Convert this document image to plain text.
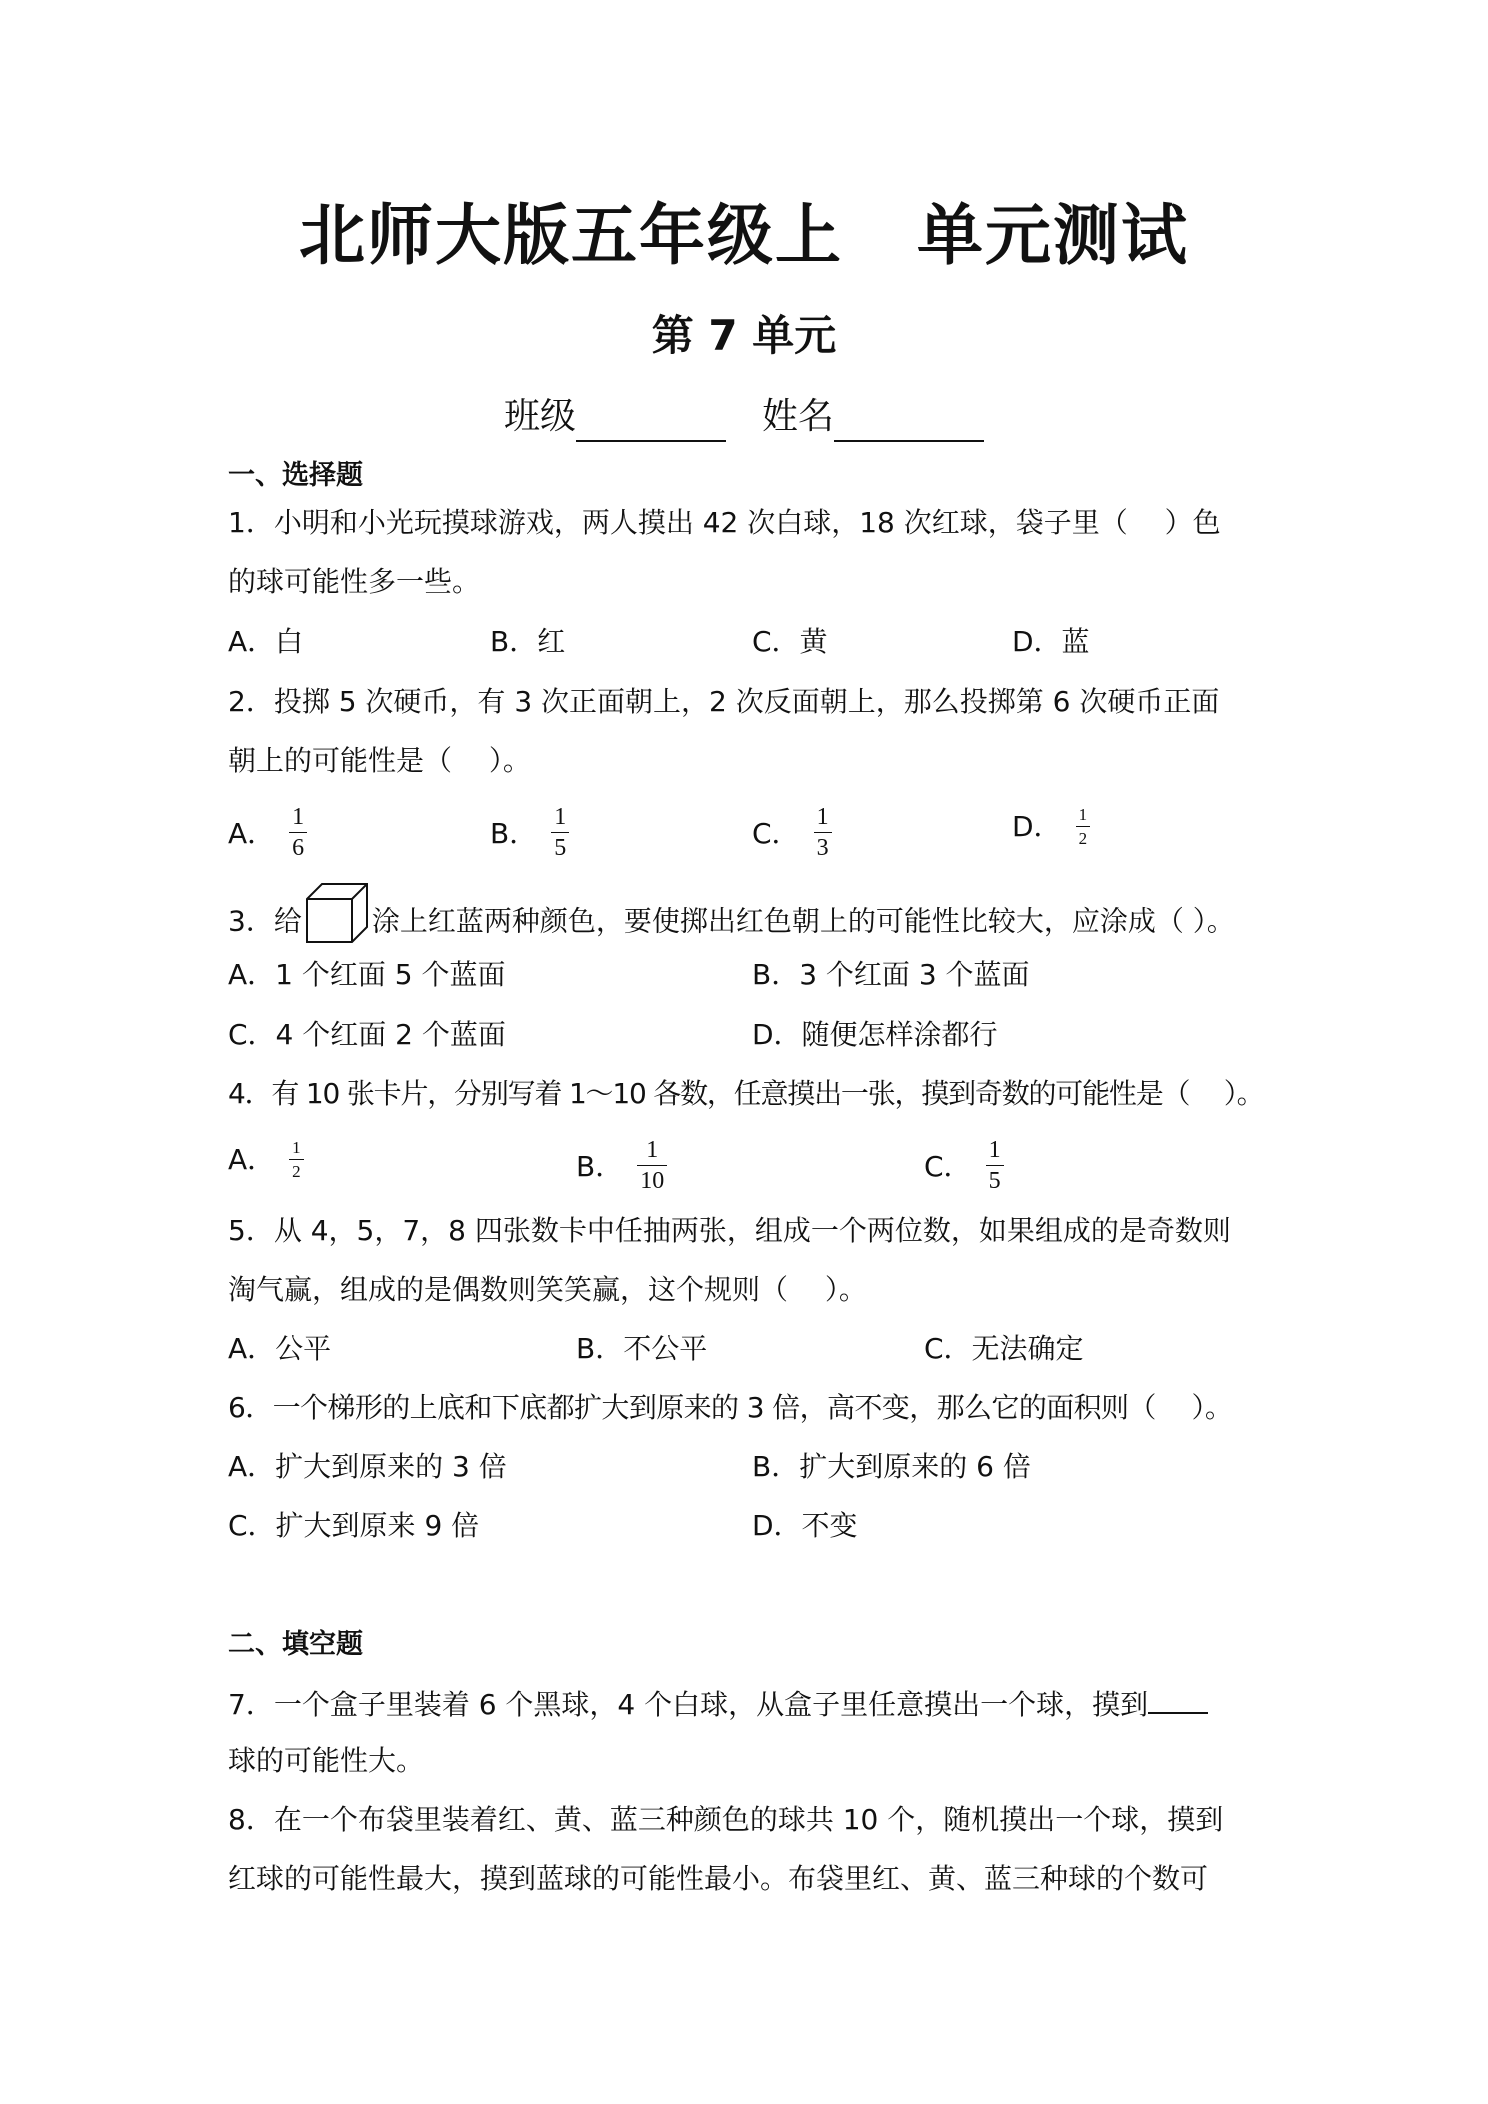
北师大版五年级上 单元测试
第 7 单元
班级	姓名
一、选择题
1．小明和小光玩摸球游戏，两人摸出 42 次白球，18 次红球，袋子里（　 ）色
的球可能性多一些。
A．白	B．红	C．黄	D．蓝
2．投掷 5 次硬币，有 3 次正面朝上，2 次反面朝上，那么投掷第 6 次硬币正面
朝上的可能性是（　 ）。
A． $\frac{1}{6}$	B． $\frac{1}{5}$	C． $\frac{1}{3}$	D． $\frac{1}{2}$
3．给	涂上红蓝两种颜色，要使掷出红色朝上的可能性比较大，应涂成（ ）。
A．1 个红面 5 个蓝面	B．3 个红面 3 个蓝面
C．4 个红面 2 个蓝面	D．随便怎样涂都行
4．有 10 张卡片，分别写着 1～10 各数，任意摸出一张，摸到奇数的可能性是（　 ）。
A． $\frac{1}{2}$	B． $\frac{1}{10}$	C． $\frac{1}{5}$
5．从 4，5，7，8 四张数卡中任抽两张，组成一个两位数，如果组成的是奇数则
淘气赢，组成的是偶数则笑笑赢，这个规则（　 ）。
A．公平	B．不公平	C．无法确定
6．一个梯形的上底和下底都扩大到原来的 3 倍，高不变，那么它的面积则（　 ）。
A．扩大到原来的 3 倍	B．扩大到原来的 6 倍
C．扩大到原来 9 倍	D．不变
二、填空题
7．一个盒子里装着 6 个黑球，4 个白球，从盒子里任意摸出一个球，摸到
球的可能性大。
8．在一个布袋里装着红、黄、蓝三种颜色的球共 10 个，随机摸出一个球，摸到
红球的可能性最大，摸到蓝球的可能性最小。布袋里红、黄、蓝三种球的个数可
